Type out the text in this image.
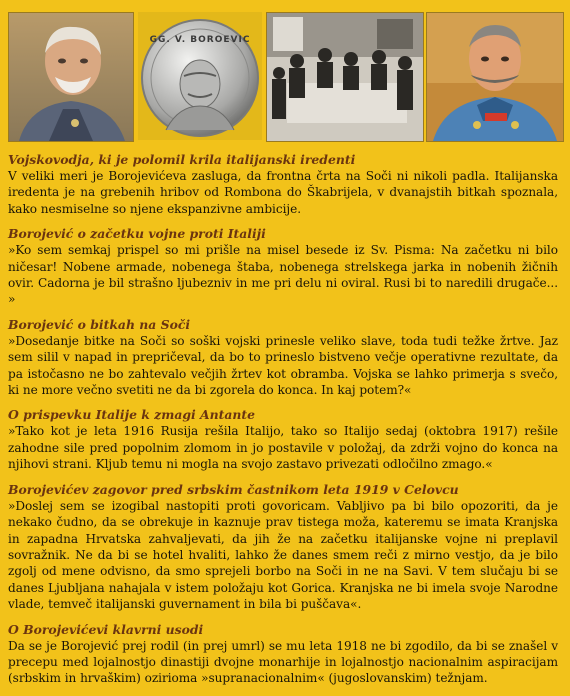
GG. V. BOROEVIC
Vojskovodja, ki je polomil krila italijanski iredenti

V veliki meri je Borojevićeva zasluga, da frontna črta na Soči ni nikoli padla. Italijanska iredenta je na grebenih hribov od Rombona do Škabrijela, v dvanajstih bitkah spoznala, kako nesmiselne so njene ekspanzivne ambicije.

Borojević o začetku vojne proti Italiji

»Ko sem semkaj prispel so mi prišle na misel besede iz Sv. Pisma: Na začetku ni bilo ničesar! Nobene armade, nobenega štaba, nobenega strelskega jarka in nobenih žičnih ovir. Cadorna je bil strašno ljubezniv in me pri delu ni oviral. Rusi bi to naredili drugače... »

Borojević o bitkah na Soči

»Dosedanje bitke na Soči so soški vojski prinesle veliko slave, toda tudi težke žrtve. Jaz sem silil v napad in prepričeval, da bo to prineslo bistveno večje operativne rezultate, da pa istočasno ne bo zahtevalo večjih žrtev kot obramba. Vojska se lahko primerja s svečo, ki ne more večno svetiti ne da bi zgorela do konca. In kaj potem?«

O prispevku Italije k zmagi Antante

»Tako kot je leta 1916 Rusija rešila Italijo, tako so Italijo sedaj (oktobra 1917) rešile zahodne sile pred popolnim zlomom in jo postavile v položaj, da zdrži vojno do konca na njihovi strani. Kljub temu ni mogla na svojo zastavo privezati odločilno zmago.«

Borojevićev zagovor pred srbskim častnikom leta 1919 v Celovcu

»Doslej sem se izogibal nastopiti proti govoricam. Vabljivo pa bi bilo opozoriti, da je nekako čudno, da se obrekuje in kaznuje prav tistega moža, kateremu se imata Kranjska in zapadna Hrvatska zahvaljevati, da jih že na začetku italijanske vojne ni preplavil sovražnik. Ne da bi se hotel hvaliti, lahko že danes smem reči z mirno vestjo, da je bilo zgolj od mene odvisno, da smo sprejeli borbo na Soči in ne na Savi. V tem slučaju bi se danes Ljubljana nahajala v istem položaju kot Gorica. Kranjska ne bi imela svoje Narodne vlade, temveč italijanski guvernament in bila bi puščava«.

O Borojevićevi klavrni usodi

Da se je Borojević prej rodil (in prej umrl) se mu leta 1918 ne bi zgodilo, da bi se znašel v precepu med lojalnostjo dinastiji dvojne monarhije in lojalnostjo nacionalnim aspiracijam (srbskim in hrvaškim) ozirioma »supranacionalnim« (jugoslovanskim) težnjam.
